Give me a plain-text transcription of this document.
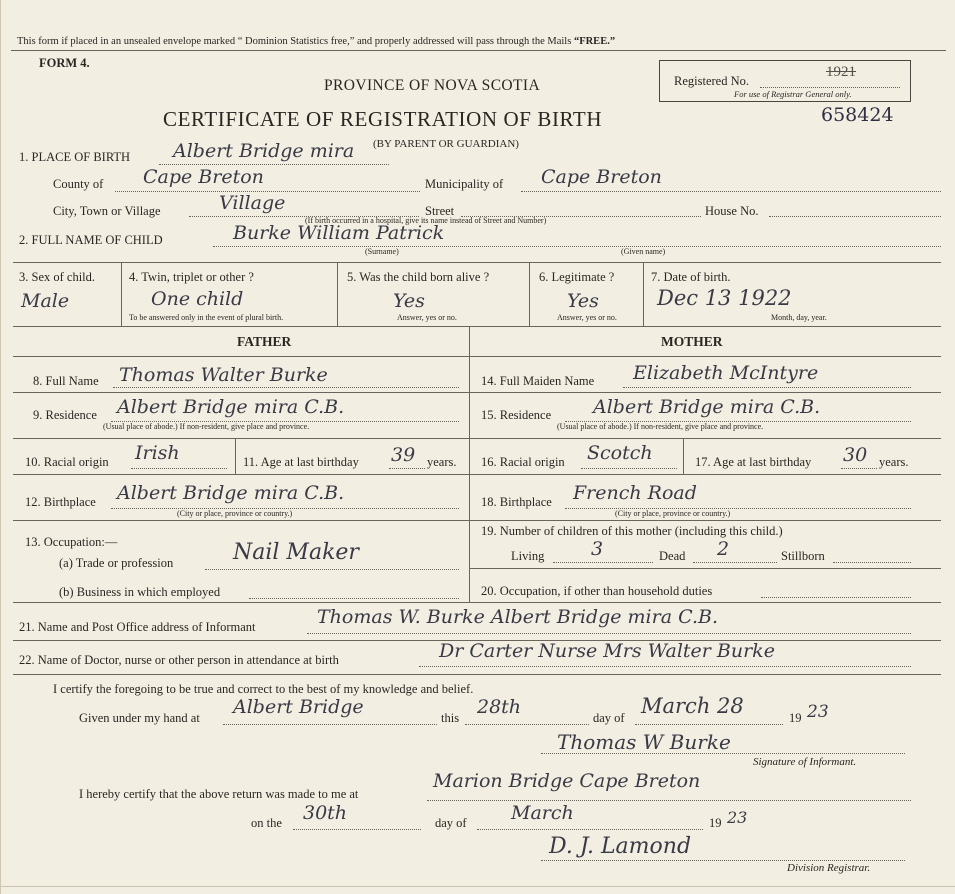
This form if placed in an unsealed envelope marked “ Dominion Statistics free,” and properly addressed will pass through the Mails “FREE.”
FORM 4.
PROVINCE OF NOVA SCOTIA	Registered No.
1921
For use of Registrar General only.
658424
CERTIFICATE OF REGISTRATION OF BIRTH
(BY PARENT OR GUARDIAN)
1. PLACE OF BIRTH Albert Bridge mira
County of Cape Breton	Municipality of Cape Breton
City, Town or Village	Village	Street	House No.
(If birth occurred in a hospital, give its name instead of Street and Number)
2. FULL NAME OF CHILD	Burke William Patrick
(Surname)	(Given name)
3. Sex of child.
Male
4. Twin, triplet or other ?
One child
To be answered only in the event of plural birth.
5. Was the child born alive ?
Yes
Answer, yes or no.
6. Legitimate ?
Yes
Answer, yes or no.
7. Date of birth.
Dec 13 1922
Month, day, year.
FATHER	MOTHER
8. Full Name Thomas Walter Burke
9. Residence Albert Bridge mira C.B.
(Usual place of abode.) If non-resident, give place and province.
10. Racial origin Irish	11. Age at last birthday 39 years.
12. Birthplace Albert Bridge mira C.B.
(City or place, province or country.)
13. Occupation:—
(a) Trade or profession	Nail Maker
(b) Business in which employed
14. Full Maiden Name Elizabeth McIntyre
15. Residence Albert Bridge mira C.B.
(Usual place of abode.) If non-resident, give place and province.
16. Racial origin Scotch	17. Age at last birthday 30 years.
18. Birthplace French Road
(City or place, province or country.)
19. Number of children of this mother (including this child.)
Living 3	Dead 2	Stillborn
20. Occupation, if other than household duties
21. Name and Post Office address of Informant	Thomas W. Burke Albert Bridge mira C.B.
22. Name of Doctor, nurse or other person in attendance at birth	Dr Carter Nurse Mrs Walter Burke
I certify the foregoing to be true and correct to the best of my knowledge and belief.
Given under my hand at Albert Bridge	this 28th	day of March 28	19 23
Thomas W Burke
Signature of Informant.
I hereby certify that the above return was made to me at
Marion Bridge Cape Breton
on the 30th	day of March	19 23
D. J. Lamond
Division Registrar.
